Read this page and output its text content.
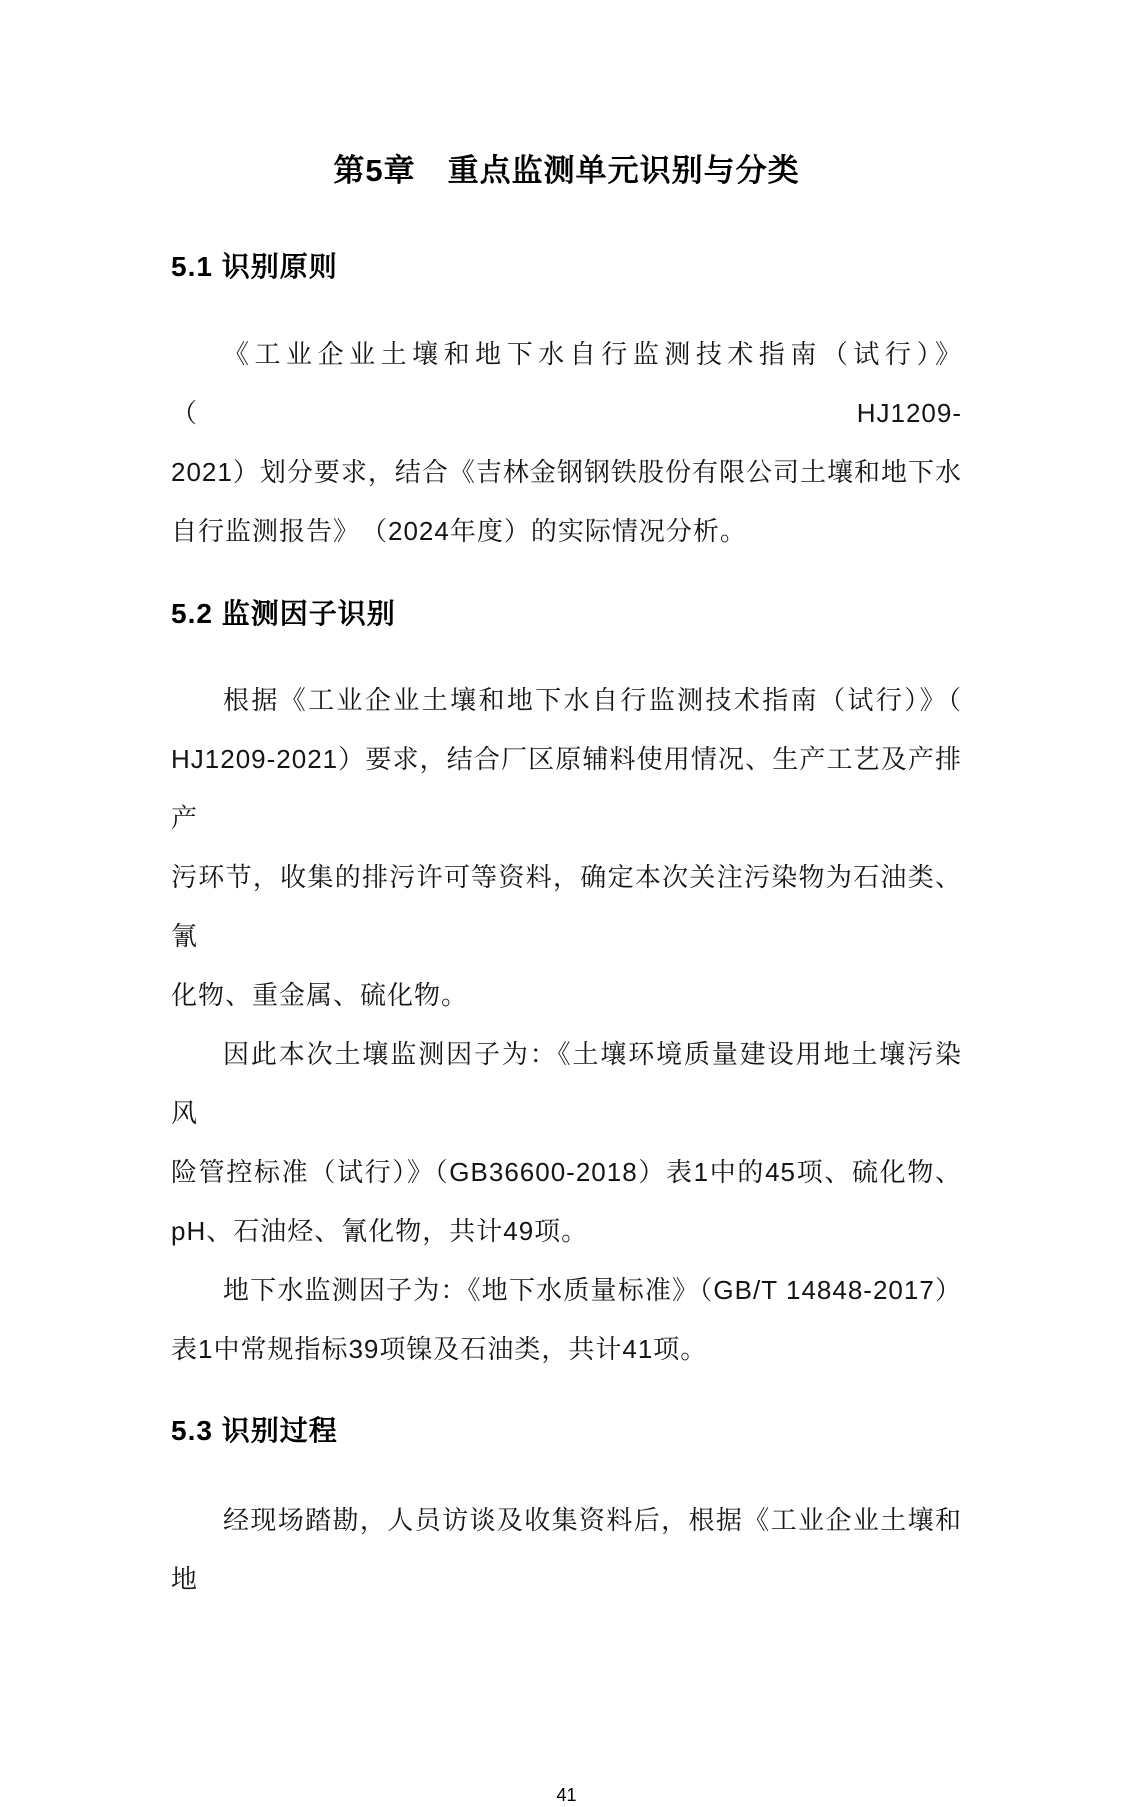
第5章　重点监测单元识别与分类
5.1 识别原则
《工业企业土壤和地下水自行监测技术指南（试行）》（HJ1209-
2021）划分要求，结合《吉林金钢钢铁股份有限公司土壤和地下水
自行监测报告》　（2024年度）的实际情况分析。
5.2 监测因子识别
根据《工业企业土壤和地下水自行监测技术指南（试行）》（
HJ1209-2021）要求，结合厂区原辅料使用情况、生产工艺及产排产
污环节，收集的排污许可等资料，确定本次关注污染物为石油类、氰
化物、重金属、硫化物。
因此本次土壤监测因子为：《土壤环境质量建设用地土壤污染风
险管控标准（试行）》（GB36600-2018）表1中的45项、硫化物、
pH、石油烃、氰化物，共计49项。
地下水监测因子为：《地下水质量标准》（GB/T 14848-2017）
表1中常规指标39项镍及石油类，共计41项。
5.3 识别过程
经现场踏勘，人员访谈及收集资料后，根据《工业企业土壤和地
41
